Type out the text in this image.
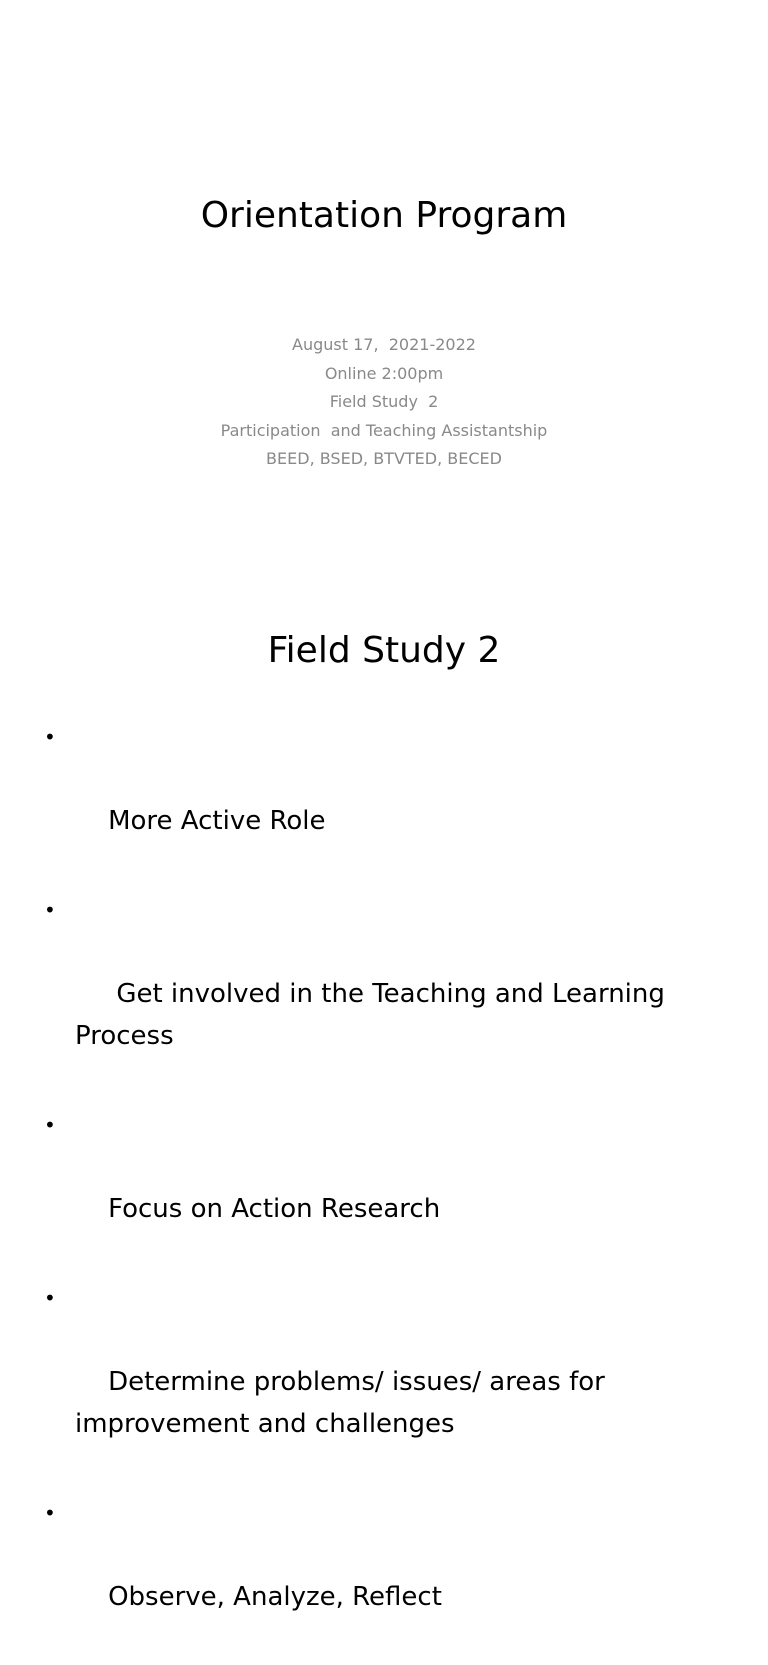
Orientation Program
August 17,  2021-2022
Online 2:00pm
Field Study  2
Participation  and Teaching Assistantship
BEED, BSED, BTVTED, BECED
Field Study 2

•

More Active Role

•

Get involved in the Teaching and Learning Process

•

Focus on Action Research

•

Determine problems/ issues/ areas for improvement and challenges

•

Observe, Analyze, Reflect
